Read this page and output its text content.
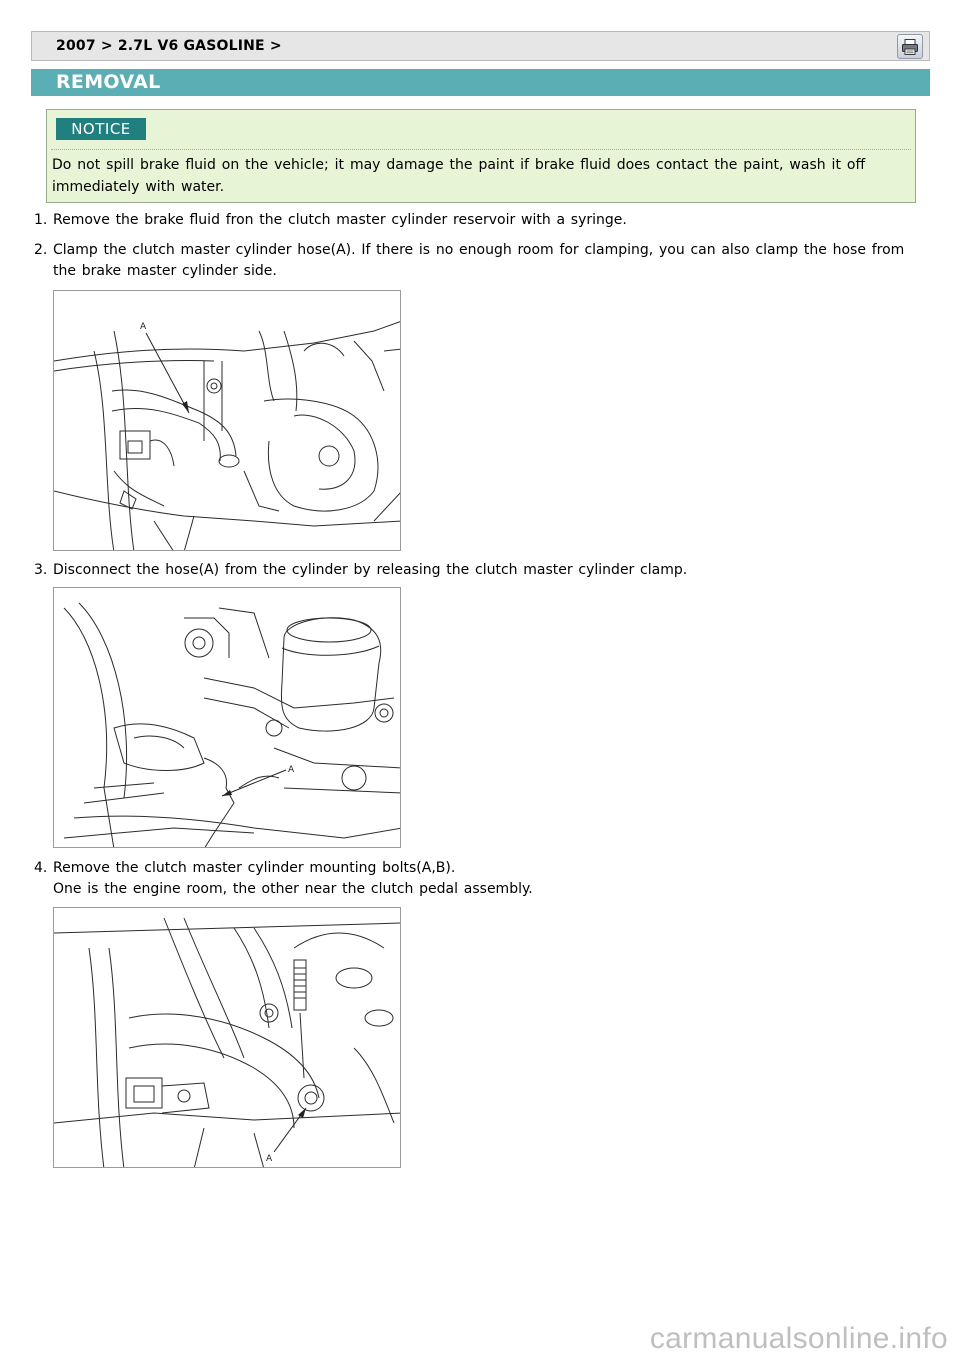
2007 > 2.7L V6 GASOLINE >
REMOVAL
NOTICE
Do not spill brake fluid on the vehicle; it may damage the paint if brake fluid does contact the paint, wash it off immediately with water.
1. Remove the brake fluid fron the clutch master cylinder reservoir with a syringe.
2. Clamp the clutch master cylinder hose(A). If there is no enough room for clamping, you can also clamp the hose from the brake master cylinder side.
A
3. Disconnect the hose(A) from the cylinder by releasing the clutch master cylinder clamp.
A
4. Remove the clutch master cylinder mounting bolts(A,B).
One is the engine room, the other near the clutch pedal assembly.
A
carmanualsonline.info
